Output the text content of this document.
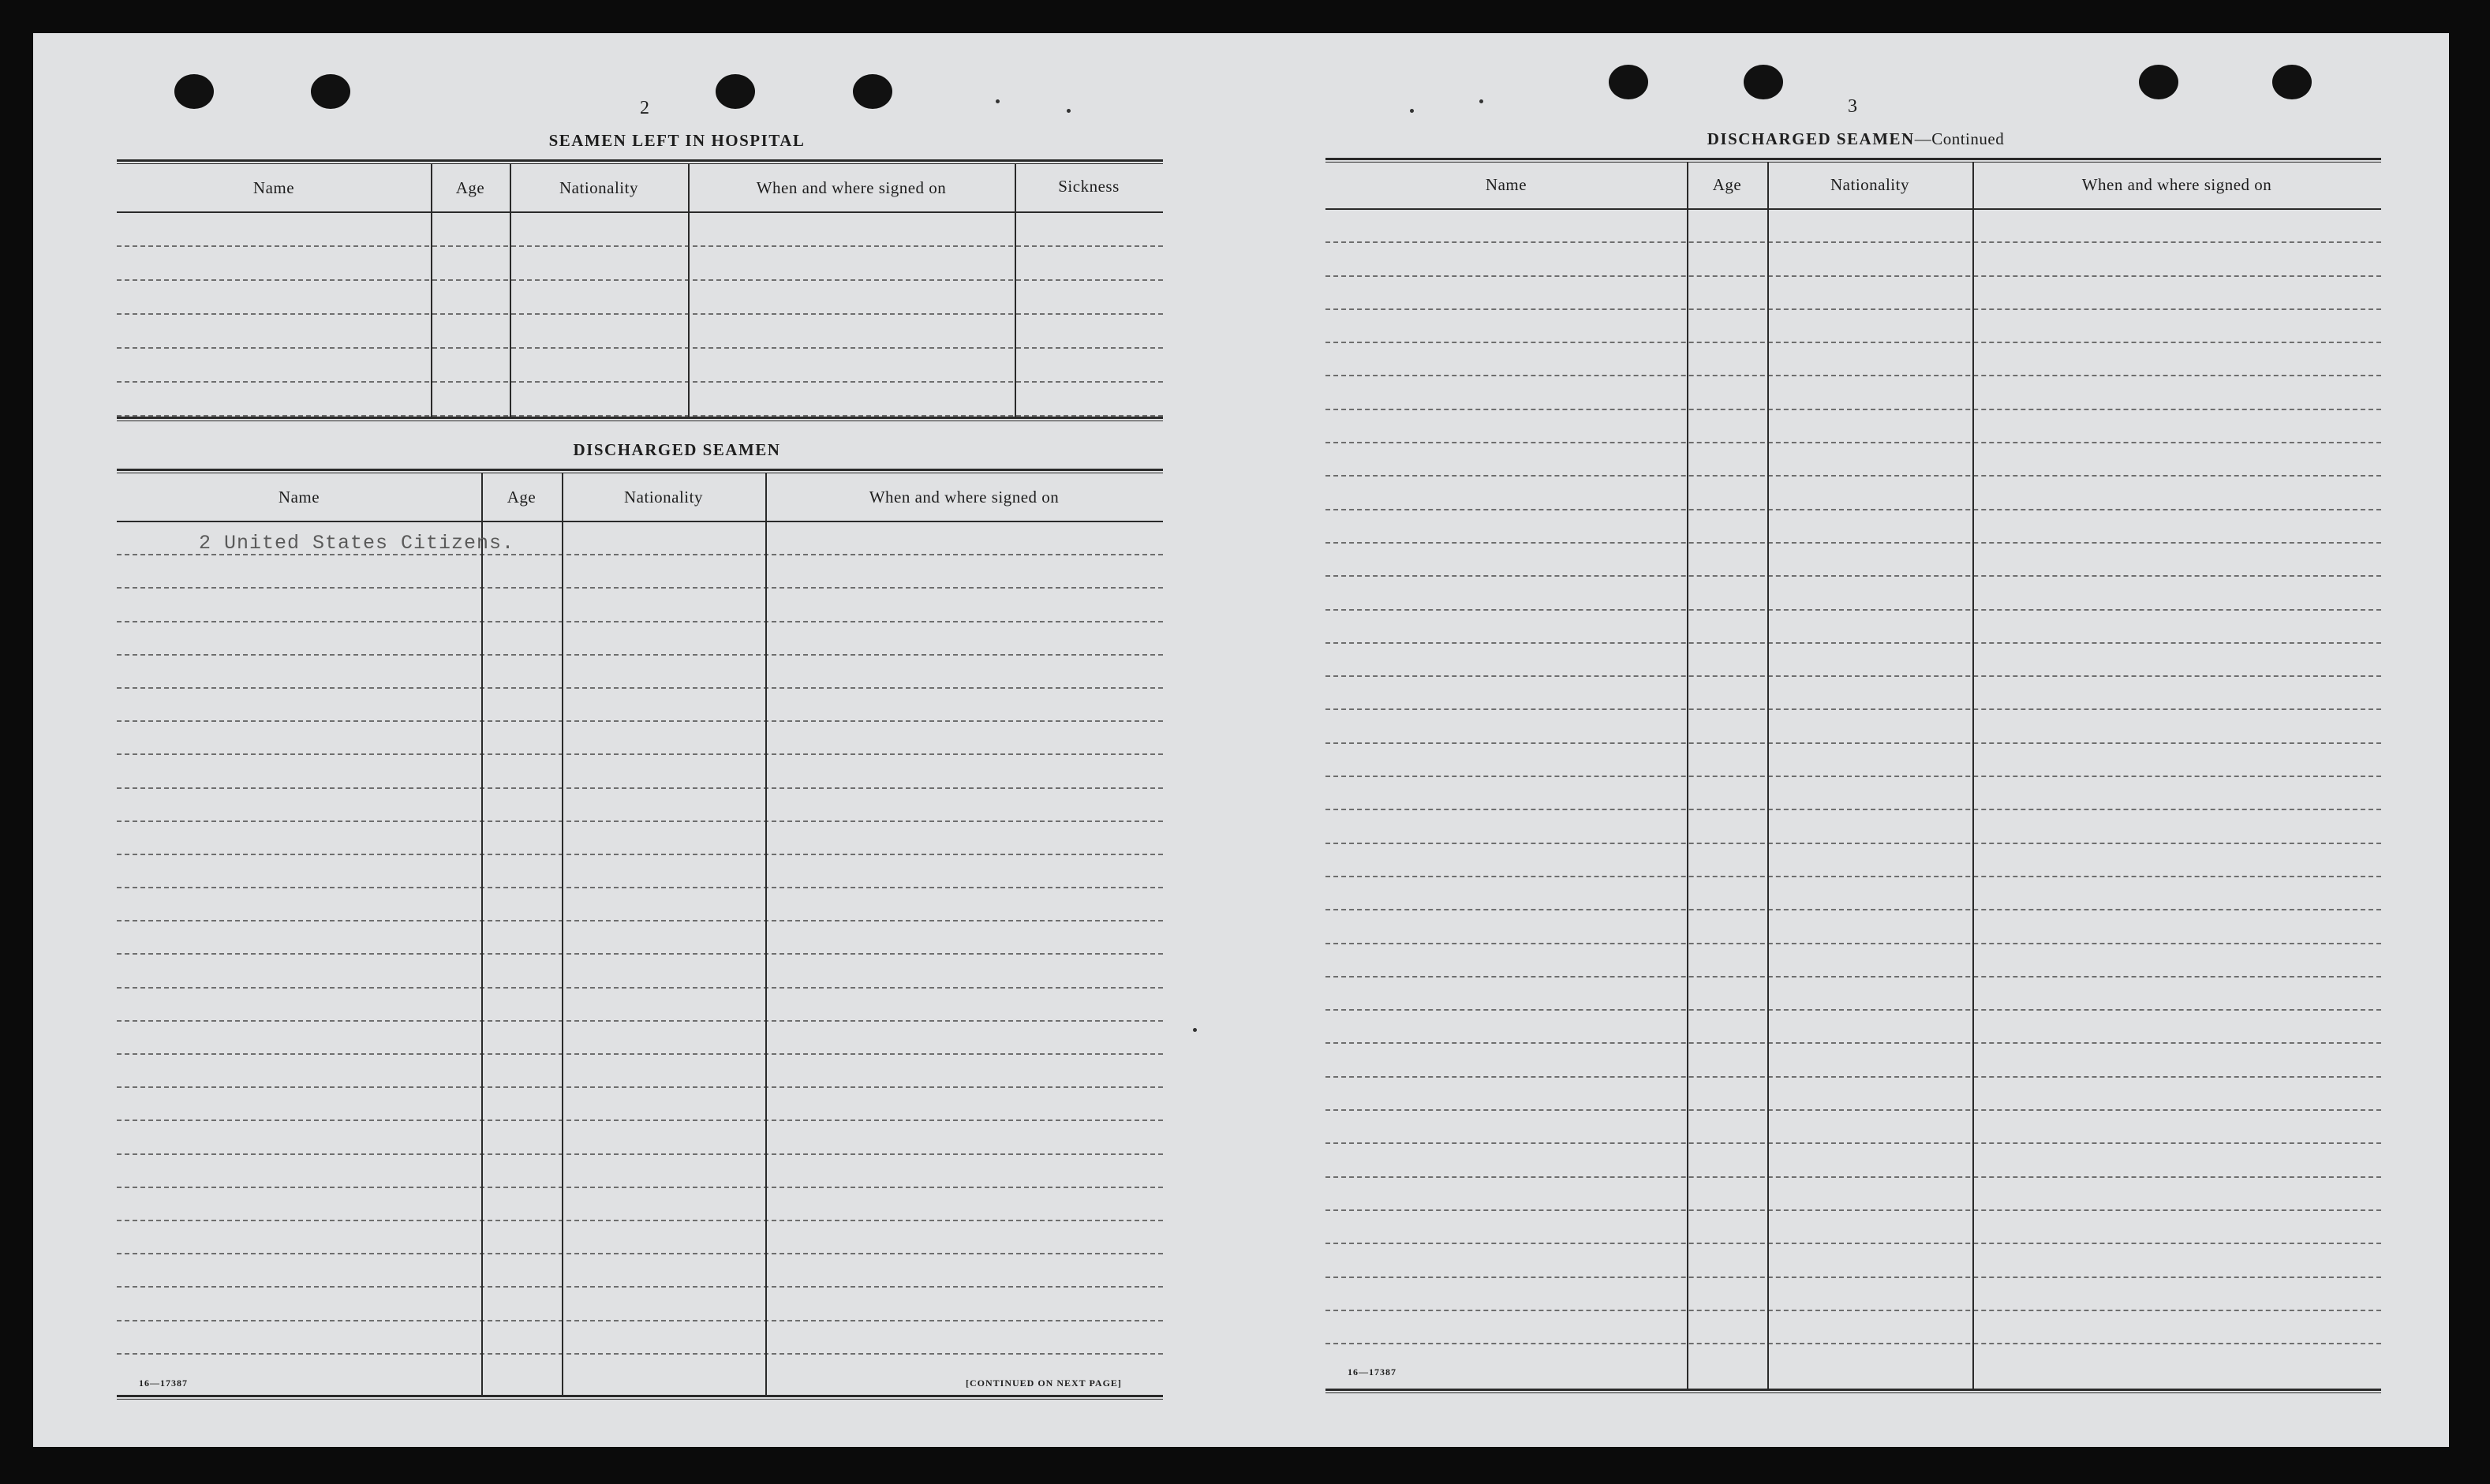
2
SEAMEN LEFT IN HOSPITAL
Name	Age	Nationality	When and where signed on	Sickness
DISCHARGED SEAMEN
Name	Age	Nationality	When and where signed on
2 United States Citizens.
16—17387	[CONTINUED ON NEXT PAGE]
3
DISCHARGED SEAMEN—Continued
Name	Age	Nationality	When and where signed on
16—17387
